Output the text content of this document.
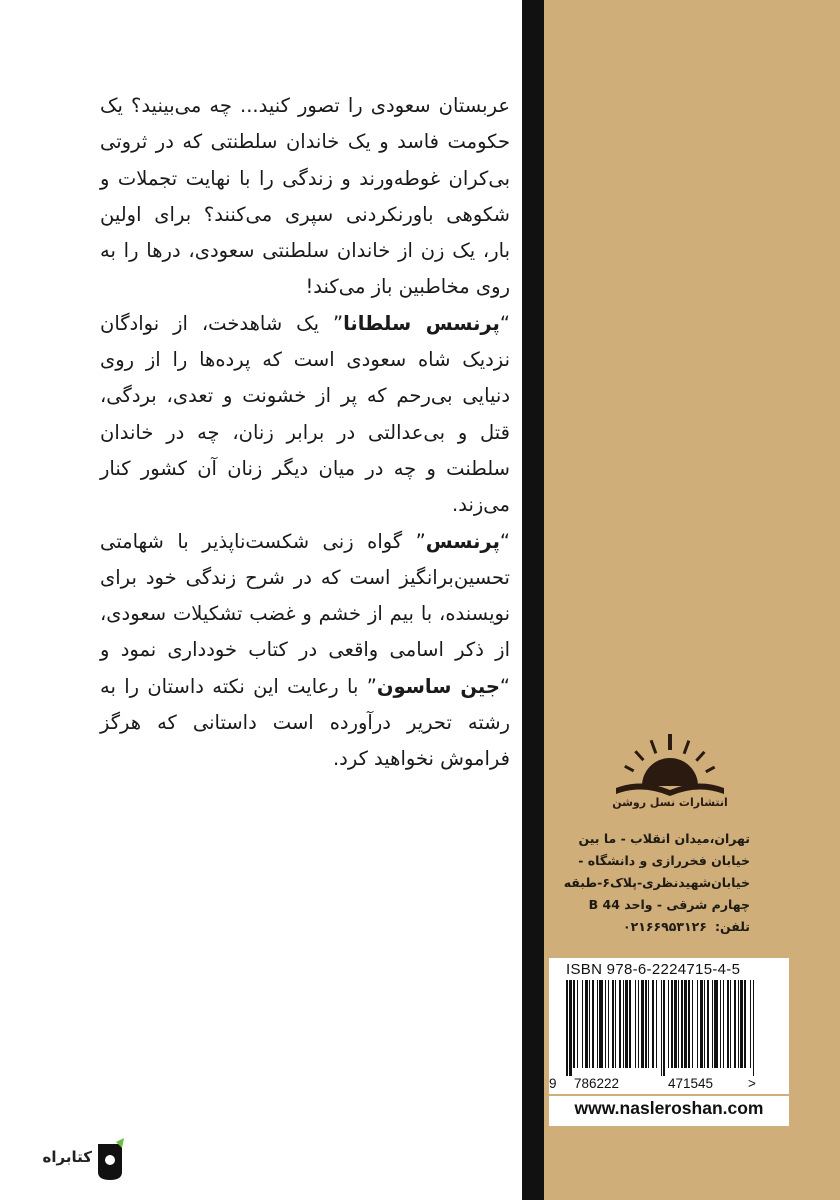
عربستان سعودی را تصور کنید... چه می‌بینید؟ یک حکومت فاسد و یک خاندان سلطنتی که در ثروتی بی‌کران غوطه‌ورند و زندگی را با نهایت تجملات و شکوهی باورنکردنی سپری می‌کنند؟ برای اولین بار، یک زن از خاندان سلطنتی سعودی، درها را به روی مخاطبین باز می‌کند!

“پرنسس سلطانا” یک شاهدخت، از نوادگان نزدیک شاه سعودی است که پرده‌ها را از روی دنیایی بی‌رحم که پر از خشونت و تعدی، بردگی، قتل و بی‌عدالتی در برابر زنان، چه در خاندان سلطنت و چه در میان دیگر زنان آن کشور کنار می‌زند.

“پرنسس” گواه زنی شکست‌ناپذیر با شهامتی تحسین‌برانگیز است که در شرح زندگی خود برای نویسنده، با بیم از خشم و غضب تشکیلات سعودی، از ذکر اسامی واقعی در کتاب خودداری نمود و “جین ساسون” با رعایت این نکته داستان را به رشته تحریر درآورده است داستانی که هرگز فراموش نخواهید کرد.

انتشارات نسل روشن
تهران،میدان انقلاب - ما بین
خیابان فخررازی و دانشگاه -
خیابان‌شهیدنظری-پلاک۶-طبقه
چهارم شرقی - واحد 44 B
تلفن:
۰۲۱۶۶۹۵۳۱۲۶
ISBN 978-6-2224715-4-5
9 786222	471545	>
www.nasleroshan.com
کتابراه
